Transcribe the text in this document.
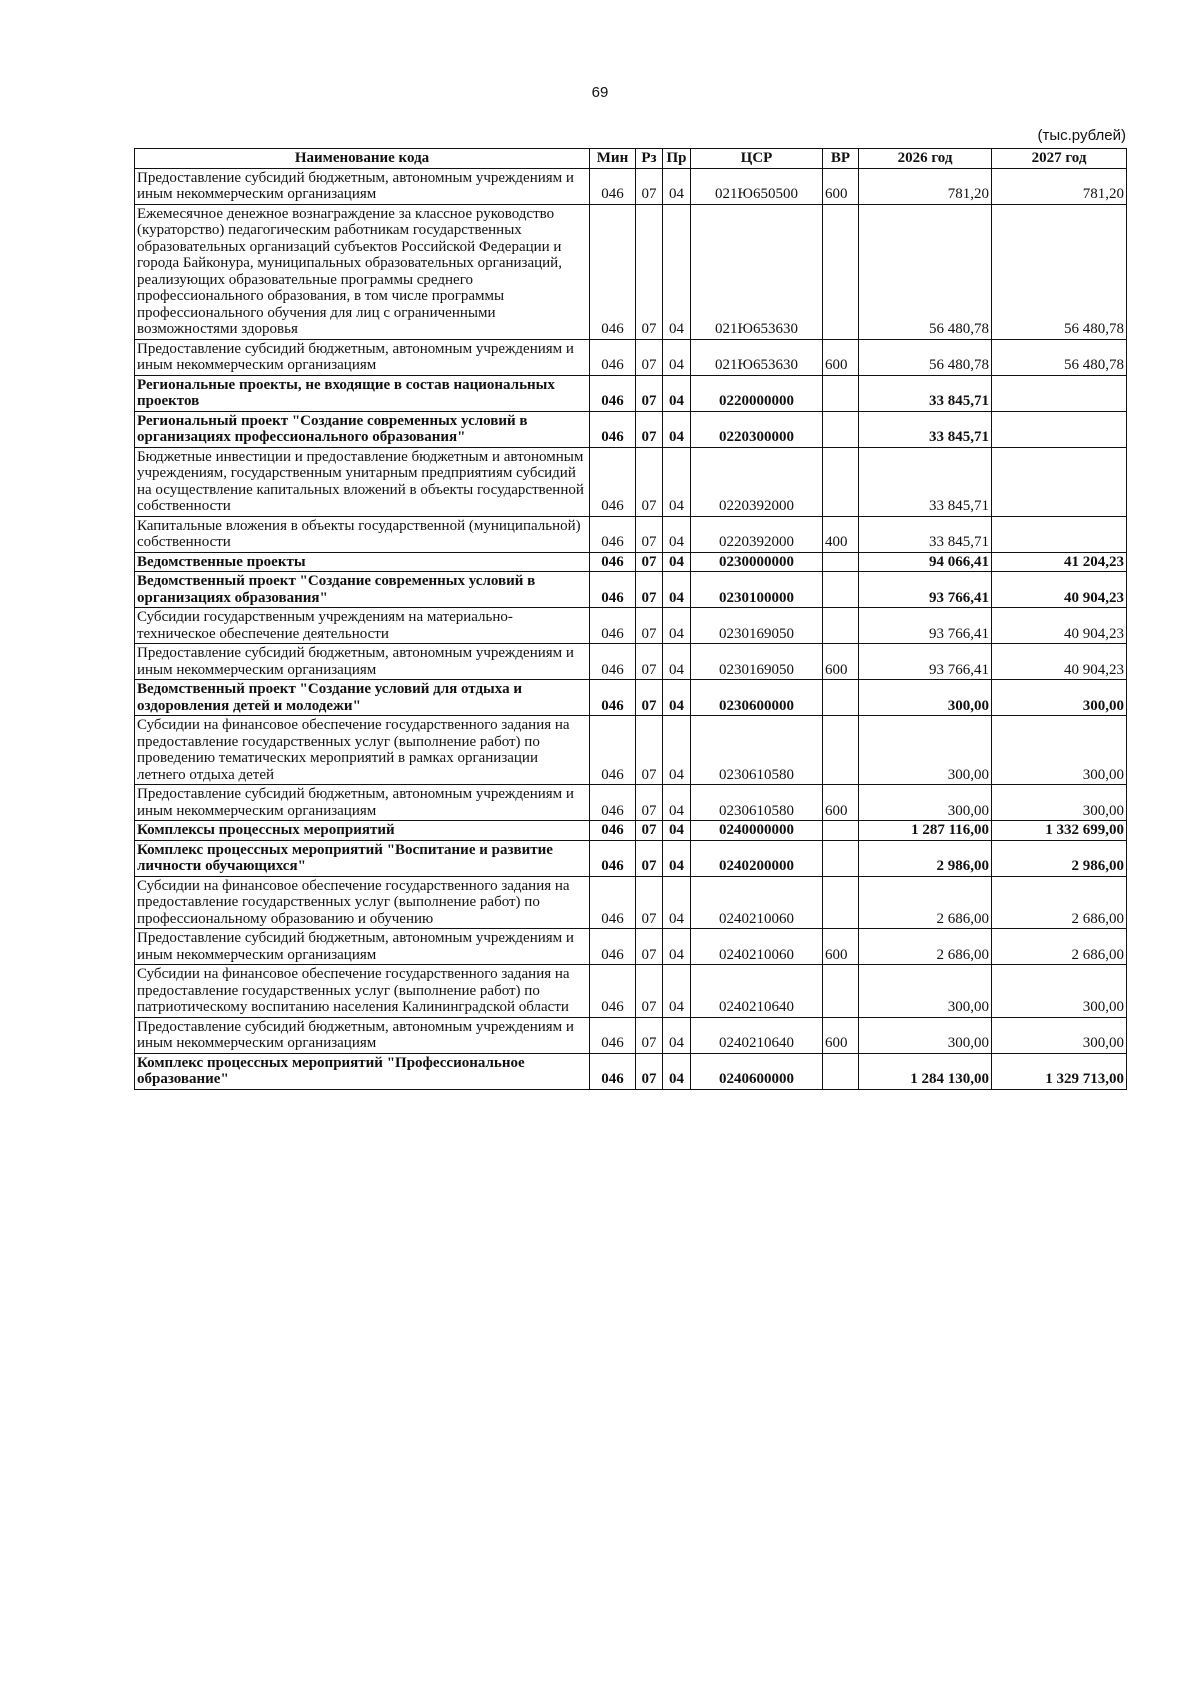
69
(тыс.рублей)
Наименование кода	Мин	Рз	Пр	ЦСР	ВР	2026 год	2027 год
Предоставление субсидий бюджетным, автономным учреждениям и иным некоммерческим организациям	046	07	04	021Ю650500	600	781,20	781,20
Ежемесячное денежное вознаграждение за классное руководство (кураторство) педагогическим работникам государственных образовательных организаций субъектов Российской Федерации и города Байконура, муниципальных образовательных организаций, реализующих образовательные программы среднего профессионального образования, в том числе программы профессионального обучения для лиц с ограниченными возможностями здоровья	046	07	04	021Ю653630		56 480,78	56 480,78
Предоставление субсидий бюджетным, автономным учреждениям и иным некоммерческим организациям	046	07	04	021Ю653630	600	56 480,78	56 480,78
Региональные проекты, не входящие в состав национальных проектов	046	07	04	0220000000		33 845,71	
Региональный проект "Создание современных условий в организациях профессионального образования"	046	07	04	0220300000		33 845,71	
Бюджетные инвестиции и предоставление бюджетным и автономным учреждениям, государственным унитарным предприятиям субсидий на осуществление капитальных вложений в объекты государственной собственности	046	07	04	0220392000		33 845,71	
Капитальные вложения в объекты государственной (муниципальной) собственности	046	07	04	0220392000	400	33 845,71	
Ведомственные проекты	046	07	04	0230000000		94 066,41	41 204,23
Ведомственный проект "Создание современных условий в организациях образования"	046	07	04	0230100000		93 766,41	40 904,23
Субсидии государственным учреждениям на материально-техническое обеспечение деятельности	046	07	04	0230169050		93 766,41	40 904,23
Предоставление субсидий бюджетным, автономным учреждениям и иным некоммерческим организациям	046	07	04	0230169050	600	93 766,41	40 904,23
Ведомственный проект "Создание условий для отдыха и оздоровления детей и молодежи"	046	07	04	0230600000		300,00	300,00
Субсидии на финансовое обеспечение государственного задания на предоставление государственных услуг (выполнение работ) по проведению тематических мероприятий в рамках организации летнего отдыха детей	046	07	04	0230610580		300,00	300,00
Предоставление субсидий бюджетным, автономным учреждениям и иным некоммерческим организациям	046	07	04	0230610580	600	300,00	300,00
Комплексы процессных мероприятий	046	07	04	0240000000		1 287 116,00	1 332 699,00
Комплекс процессных мероприятий "Воспитание и развитие личности обучающихся"	046	07	04	0240200000		2 986,00	2 986,00
Субсидии на финансовое обеспечение государственного задания на предоставление государственных услуг (выполнение работ) по профессиональному образованию и обучению	046	07	04	0240210060		2 686,00	2 686,00
Предоставление субсидий бюджетным, автономным учреждениям и иным некоммерческим организациям	046	07	04	0240210060	600	2 686,00	2 686,00
Субсидии на финансовое обеспечение государственного задания на предоставление государственных услуг (выполнение работ) по патриотическому воспитанию населения Калининградской области	046	07	04	0240210640		300,00	300,00
Предоставление субсидий бюджетным, автономным учреждениям и иным некоммерческим организациям	046	07	04	0240210640	600	300,00	300,00
Комплекс процессных мероприятий "Профессиональное образование"	046	07	04	0240600000		1 284 130,00	1 329 713,00
